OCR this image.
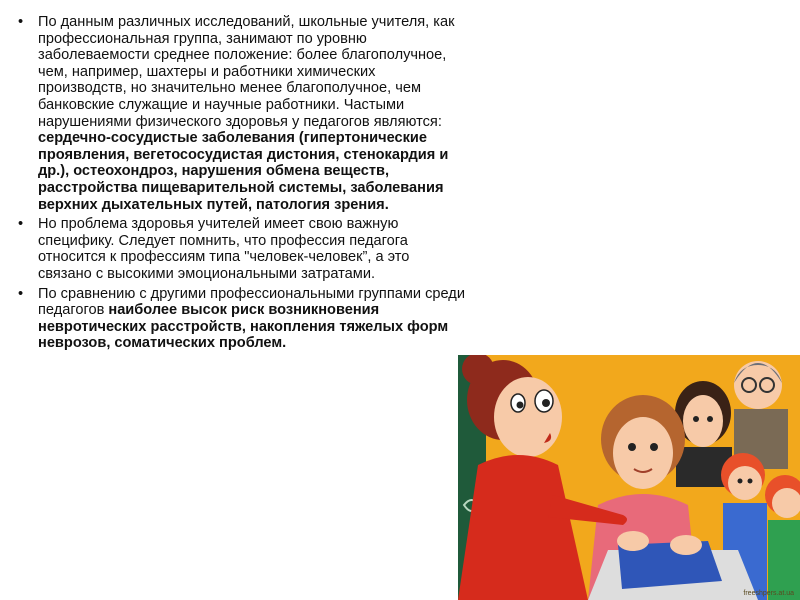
• По данным различных исследований, школьные учителя, как профессиональная группа, занимают по уровню заболеваемости среднее положение: более благополучное, чем, например, шахтеры и работники химических производств, но значительно менее благополучное, чем банковские служащие и научные работники. Частыми нарушениями физического здоровья у педагогов являются: сердечно-сосудистые заболевания (гипертонические проявления, вегетососудистая дистония, стенокардия и др.), остеохондроз, нарушения обмена веществ, расстройства пищеварительной системы, заболевания верхних дыхательных путей, патология зрения.
• Но проблема здоровья учителей имеет свою важную специфику. Следует помнить, что профессия педагога относится к профессиям типа "человек-человек”, а это связано с высокими эмоциональными затратами.
• По сравнению с другими профессиональными группами среди педагогов наиболее высок риск возникновения невротических расстройств, накопления тяжелых форм неврозов, соматических проблем.
freeshpers.at.ua
